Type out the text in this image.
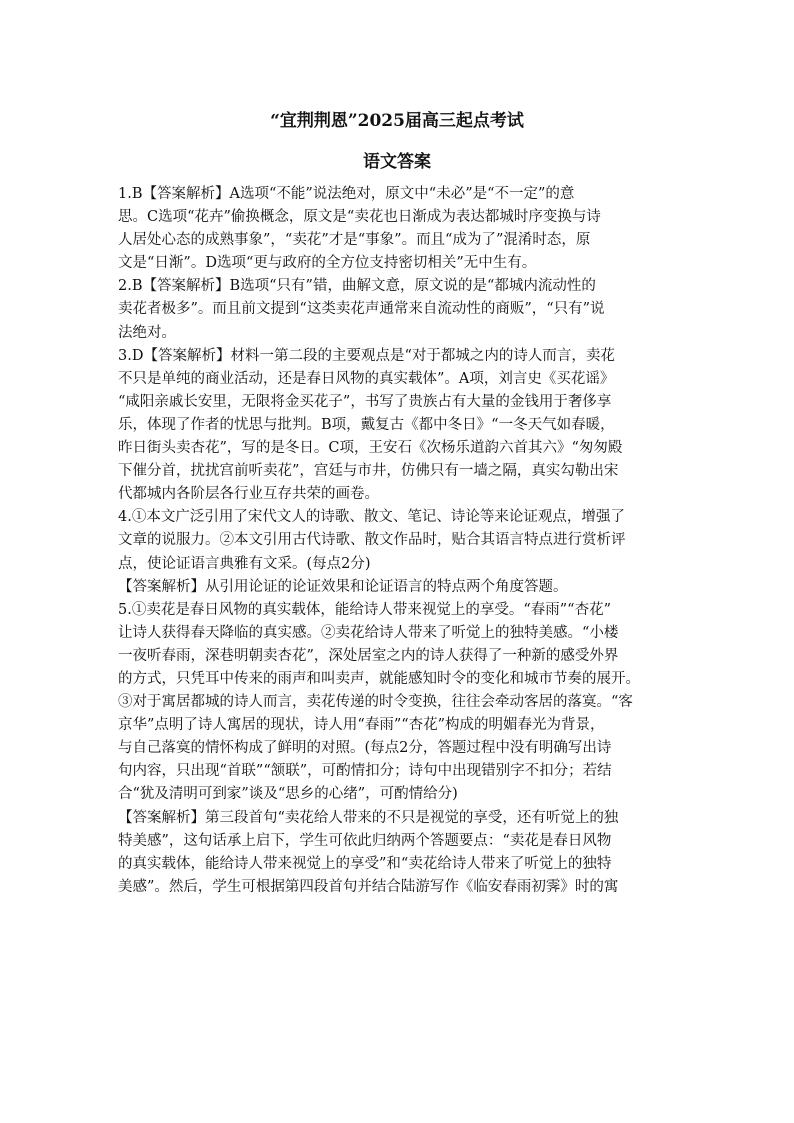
“宜荆荆恩”2025届高三起点考试
语文答案
1.B【答案解析】A选项“不能”说法绝对，原文中“未必”是“不一定”的意
思。C选项“花卉”偷换概念，原文是“卖花也日渐成为表达都城时序变换与诗
人居处心态的成熟事象”，“卖花”才是“事象”。而且“成为了”混淆时态，原
文是“日渐”。D选项“更与政府的全方位支持密切相关”无中生有。
2.B【答案解析】B选项“只有”错，曲解文意，原文说的是“都城内流动性的
卖花者极多”。而且前文提到“这类卖花声通常来自流动性的商贩”，“只有”说
法绝对。
3.D【答案解析】材料一第二段的主要观点是“对于都城之内的诗人而言，卖花
不只是单纯的商业活动，还是春日风物的真实载体”。A项，刘言史《买花谣》
“咸阳亲戚长安里，无限将金买花子”，书写了贵族占有大量的金钱用于奢侈享
乐，体现了作者的忧思与批判。B项，戴复古《都中冬日》“一冬天气如春暖，
昨日街头卖杏花”，写的是冬日。C项，王安石《次杨乐道韵六首其六》“匆匆殿
下催分首，扰扰宫前听卖花”，宫廷与市井，仿佛只有一墙之隔，真实勾勒出宋
代都城内各阶层各行业互存共荣的画卷。
4.①本文广泛引用了宋代文人的诗歌、散文、笔记、诗论等来论证观点，增强了
文章的说服力。②本文引用古代诗歌、散文作品时，贴合其语言特点进行赏析评
点，使论证语言典雅有文采。(每点2分)
【答案解析】从引用论证的论证效果和论证语言的特点两个角度答题。
5.①卖花是春日风物的真实载体，能给诗人带来视觉上的享受。“春雨”“杏花”
让诗人获得春天降临的真实感。②卖花给诗人带来了听觉上的独特美感。“小楼
一夜听春雨，深巷明朝卖杏花”，深处居室之内的诗人获得了一种新的感受外界
的方式，只凭耳中传来的雨声和叫卖声，就能感知时令的变化和城市节奏的展开。
③对于寓居都城的诗人而言，卖花传递的时令变换，往往会牵动客居的落寞。“客
京华”点明了诗人寓居的现状，诗人用“春雨”“杏花”构成的明媚春光为背景，
与自己落寞的情怀构成了鲜明的对照。(每点2分，答题过程中没有明确写出诗
句内容，只出现“首联”“颔联”，可酌情扣分；诗句中出现错别字不扣分；若结
合“犹及清明可到家”谈及“思乡的心绪”，可酌情给分)
【答案解析】第三段首句“卖花给人带来的不只是视觉的享受，还有听觉上的独
特美感”，这句话承上启下，学生可依此归纳两个答题要点：“卖花是春日风物
的真实载体，能给诗人带来视觉上的享受”和“卖花给诗人带来了听觉上的独特
美感”。然后，学生可根据第四段首句并结合陆游写作《临安春雨初霁》时的寓
